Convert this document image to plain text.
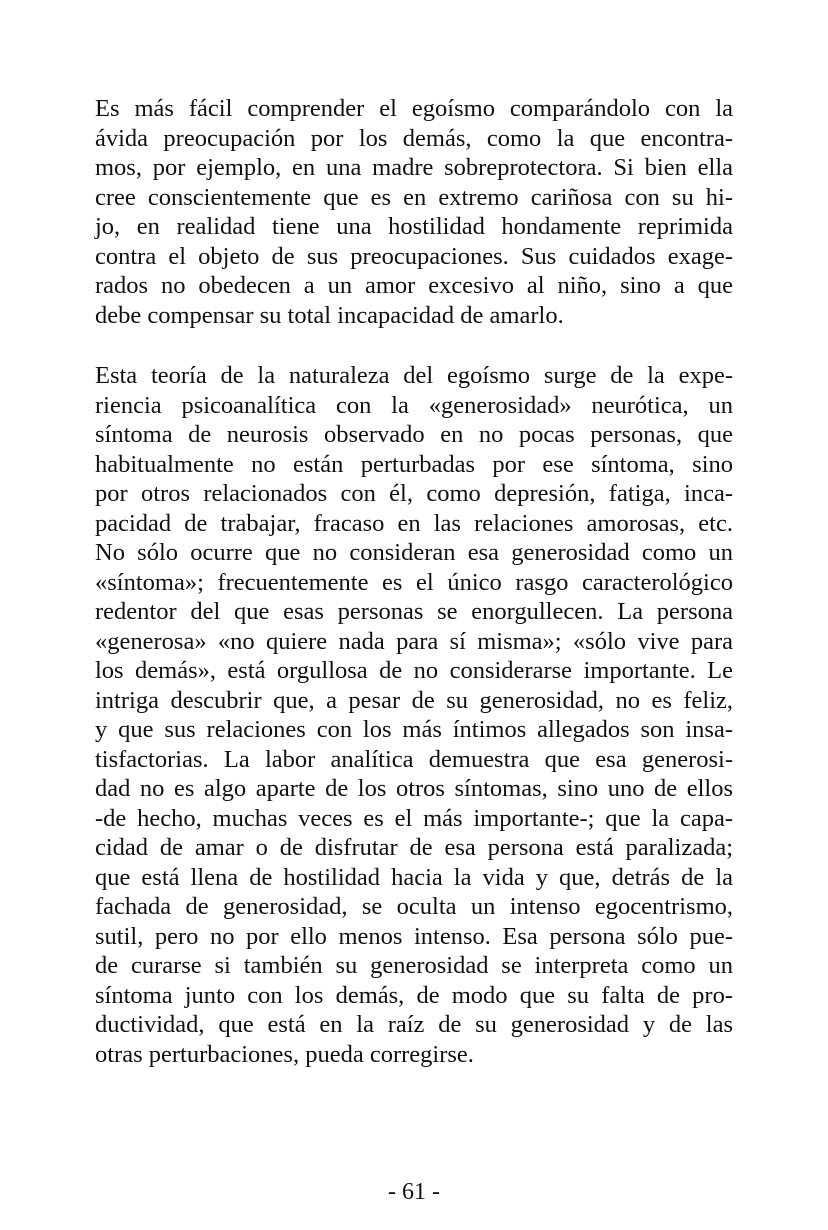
Es más fácil comprender el egoísmo comparándolo con la
ávida preocupación por los demás, como la que encontra-
mos, por ejemplo, en una madre sobreprotectora. Si bien ella
cree conscientemente que es en extremo cariñosa con su hi-
jo, en realidad tiene una hostilidad hondamente reprimida
contra el objeto de sus preocupaciones. Sus cuidados exage-
rados no obedecen a un amor excesivo al niño, sino a que
debe compensar su total incapacidad de amarlo.

Esta teoría de la naturaleza del egoísmo surge de la expe-
riencia psicoanalítica con la «generosidad» neurótica, un
síntoma de neurosis observado en no pocas personas, que
habitualmente no están perturbadas por ese síntoma, sino
por otros relacionados con él, como depresión, fatiga, inca-
pacidad de trabajar, fracaso en las relaciones amorosas, etc.
No sólo ocurre que no consideran esa generosidad como un
«síntoma»; frecuentemente es el único rasgo caracterológico
redentor del que esas personas se enorgullecen. La persona
«generosa» «no quiere nada para sí misma»; «sólo vive para
los demás», está orgullosa de no considerarse importante. Le
intriga descubrir que, a pesar de su generosidad, no es feliz,
y que sus relaciones con los más íntimos allegados son insa-
tisfactorias. La labor analítica demuestra que esa generosi-
dad no es algo aparte de los otros síntomas, sino uno de ellos
-de hecho, muchas veces es el más importante-; que la capa-
cidad de amar o de disfrutar de esa persona está paralizada;
que está llena de hostilidad hacia la vida y que, detrás de la
fachada de generosidad, se oculta un intenso egocentrismo,
sutil, pero no por ello menos intenso. Esa persona sólo pue-
de curarse si también su generosidad se interpreta como un
síntoma junto con los demás, de modo que su falta de pro-
ductividad, que está en la raíz de su generosidad y de las
otras perturbaciones, pueda corregirse.

- 61 -
